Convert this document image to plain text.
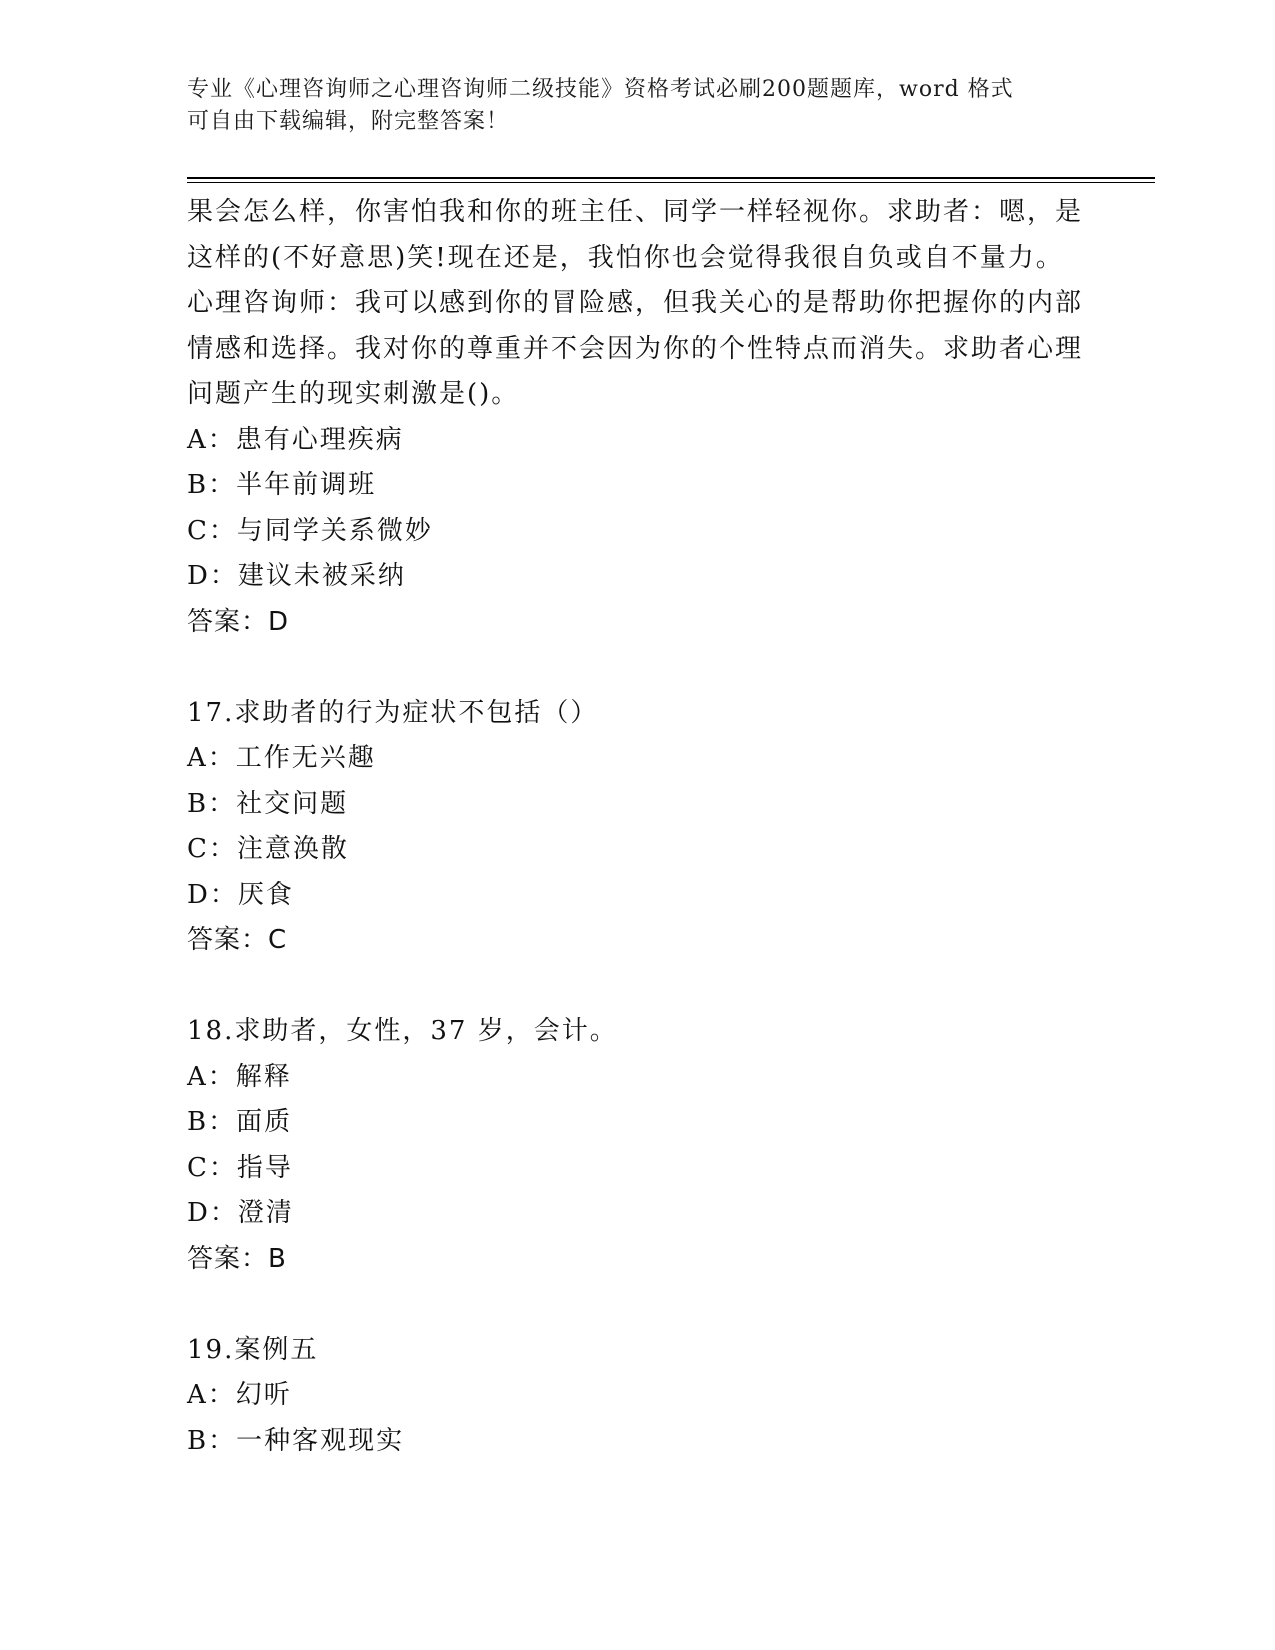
专业《心理咨询师之心理咨询师二级技能》资格考试必刷200题题库，word 格式
可自由下载编辑，附完整答案！

果会怎么样，你害怕我和你的班主任、同学一样轻视你。求助者：嗯，是这样的(不好意思)笑!现在还是，我怕你也会觉得我很自负或自不量力。心理咨询师：我可以感到你的冒险感，但我关心的是帮助你把握你的内部情感和选择。我对你的尊重并不会因为你的个性特点而消失。求助者心理问题产生的现实刺激是()。

A：患有心理疾病
B：半年前调班
C：与同学关系微妙
D：建议未被采纳
答案：D
17.求助者的行为症状不包括（）
A：工作无兴趣
B：社交问题
C：注意涣散
D：厌食
答案：C
18.求助者，女性，37 岁，会计。
A：解释
B：面质
C：指导
D：澄清
答案：B
19.案例五
A：幻听
B：一种客观现实
